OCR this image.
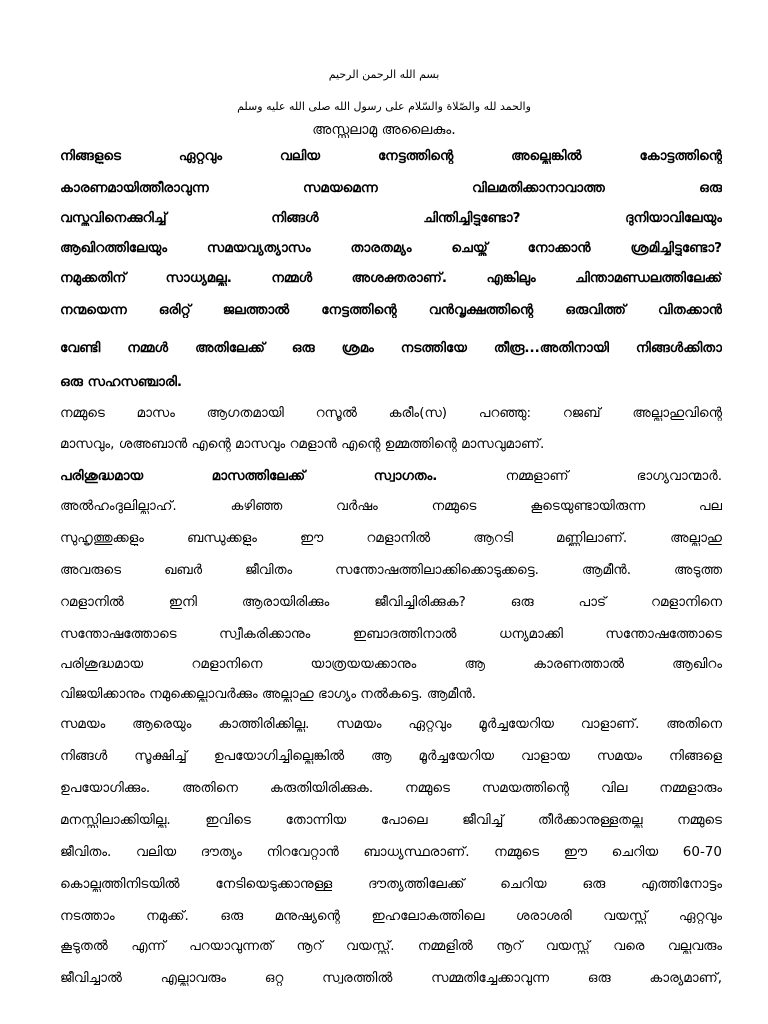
بسم الله الرحمن الرحيم
والحمد لله والصّلاة والسّلام على رسول الله صلى الله عليه وسلم
അസ്സലാമു അലൈകും.
നിങ്ങളുടെ ഏറ്റവും വലിയ നേട്ടത്തിന്റെ അല്ലെങ്കിൽ കോട്ടത്തിന്റെ
കാരണമായിത്തീരാവുന്ന സമയമെന്ന വിലമതിക്കാനാവാത്ത ഒരു
വസ്തുവിനെക്കുറിച്ച് നിങ്ങൾ ചിന്തിച്ചിട്ടുണ്ടോ? ദുനിയാവിലേയും
ആഖിറത്തിലേയും സമയവ്യത്യാസം താരതമ്യം ചെയ്ത് നോക്കാൻ ശ്രമിച്ചിട്ടുണ്ടോ?
നമുക്കതിന് സാധ്യമല്ല. നമ്മൾ അശക്തരാണ്. എങ്കിലും ചിന്താമണ്ഡലത്തിലേക്ക്
നന്മയെന്ന ഒരിറ്റ് ജലത്താൽ നേട്ടത്തിന്റെ വൻവൃക്ഷത്തിന്റെ ഒരുവിത്ത് വിതക്കാൻ
വേണ്ടി നമ്മൾ അതിലേക്ക് ഒരു ശ്രമം നടത്തിയേ തീരൂ...അതിനായി നിങ്ങൾക്കിതാ
ഒരു സഹസഞ്ചാരി.
നമ്മുടെ മാസം ആഗതമായി റസൂൽ കരീം(സ) പറഞ്ഞു: റജബ് അല്ലാഹുവിന്റെ
മാസവും, ശഅബാൻ എന്റെ മാസവും റമളാൻ എന്റെ ഉമ്മത്തിന്റെ മാസവുമാണ്.
പരിശുദ്ധമായ മാസത്തിലേക്ക് സ്വാഗതം. നമ്മളാണ് ഭാഗ്യവാന്മാർ.
അൽഹംദുലില്ലാഹ്. കഴിഞ്ഞ വർഷം നമ്മുടെ കൂടെയുണ്ടായിരുന്ന പല
സുഹൃത്തുക്കളും ബന്ധുക്കളും ഈ റമളാനിൽ ആറടി മണ്ണിലാണ്. അല്ലാഹു
അവരുടെ ഖബർ ജീവിതം സന്തോഷത്തിലാക്കിക്കൊടുക്കട്ടെ. ആമീൻ. അടുത്ത
റമളാനിൽ ഇനി ആരായിരിക്കും ജീവിച്ചിരിക്കുക? ഒരു പാട് റമളാനിനെ
സന്തോഷത്തോടെ സ്വീകരിക്കാനും ഇബാദത്തിനാൽ ധന്യമാക്കി സന്തോഷത്തോടെ
പരിശുദ്ധമായ റമളാനിനെ യാത്രയയക്കാനും ആ കാരണത്താൽ ആഖിറം
വിജയിക്കാനും നമുക്കെല്ലാവർക്കും അല്ലാഹു ഭാഗ്യം നൽകട്ടെ. ആമീൻ.
സമയം ആരെയും കാത്തിരിക്കില്ല. സമയം ഏറ്റവും മൂർച്ചയേറിയ വാളാണ്. അതിനെ
നിങ്ങൾ സൂക്ഷിച്ച് ഉപയോഗിച്ചില്ലെങ്കിൽ ആ മൂർച്ചയേറിയ വാളായ സമയം നിങ്ങളെ
ഉപയോഗിക്കും. അതിനെ കരുതിയിരിക്കുക. നമ്മുടെ സമയത്തിന്റെ വില നമ്മളാരും
മനസ്സിലാക്കിയില്ല. ഇവിടെ തോന്നിയ പോലെ ജീവിച്ച് തീർക്കാനുള്ളതല്ല നമ്മുടെ
ജീവിതം. വലിയ ദൗത്യം നിറവേറ്റാൻ ബാധ്യസ്ഥരാണ്. നമ്മുടെ ഈ ചെറിയ 60-70
കൊല്ലത്തിനിടയിൽ നേടിയെടുക്കാനുള്ള ദൗത്യത്തിലേക്ക് ചെറിയ ഒരു എത്തിനോട്ടം
നടത്താം നമുക്ക്. ഒരു മനുഷ്യന്റെ ഇഹലോകത്തിലെ ശരാശരി വയസ്സ് ഏറ്റവും
കൂടുതൽ എന്ന് പറയാവുന്നത് നൂറ് വയസ്സ്. നമ്മളിൽ നൂറ് വയസ്സ് വരെ വല്ലവരും
ജീവിച്ചാൽ എല്ലാവരും ഒറ്റ സ്വരത്തിൽ സമ്മതിച്ചേക്കാവുന്ന ഒരു കാര്യമാണ്,
